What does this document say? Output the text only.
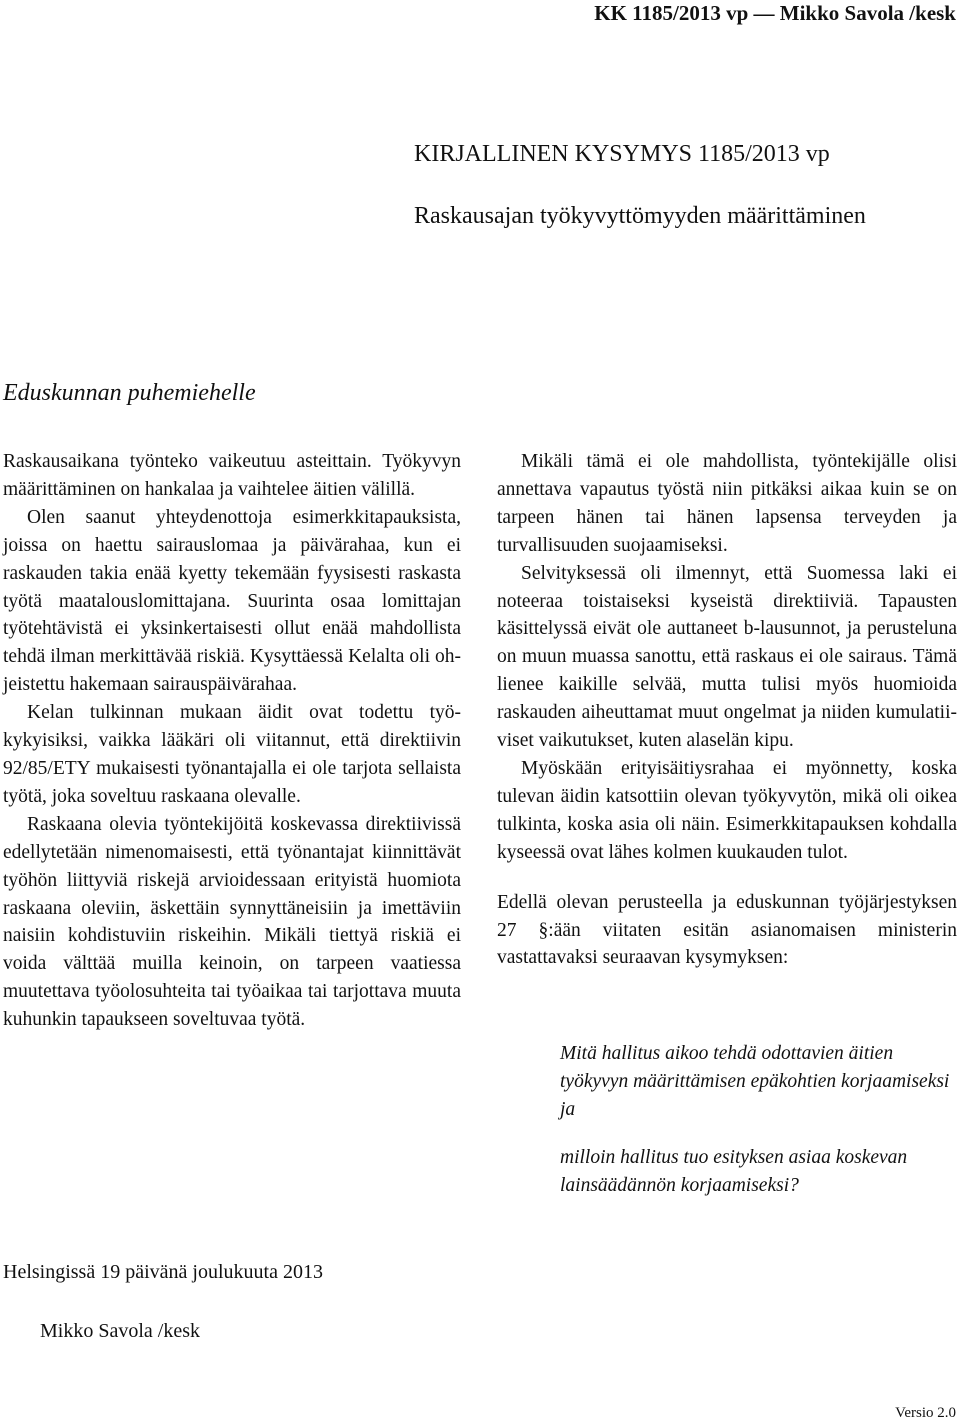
KK 1185/2013 vp — Mikko Savola /kesk
KIRJALLINEN KYSYMYS 1185/2013 vp
Raskausajan työkyvyttömyyden määrittäminen
Eduskunnan puhemiehelle

Raskausaikana työnteko vaikeutuu asteittain. Työkyvyn määrittäminen on hankalaa ja vaihtelee äitien välillä.

Olen saanut yhteydenottoja esimerkkitapauksista, joissa on haettu sairauslomaa ja päivärahaa, kun ei raskauden takia enää kyetty tekemään fyysisesti raskasta työtä maatalouslomittajana. Suurinta osaa lomittajan työtehtävistä ei yksinkertaisesti ollut enää mahdollista tehdä ilman merkittävää riskiä. Kysyttäessä Kelalta oli ohjeistettu hakemaan sairauspäivärahaa.

Kelan tulkinnan mukaan äidit ovat todettu työkykyisiksi, vaikka lääkäri oli viitannut, että direktiivin 92/85/ETY mukaisesti työnantajalla ei ole tarjota sellaista työtä, joka soveltuu raskaana olevalle.

Raskaana olevia työntekijöitä koskevassa direktiivissä edellytetään nimenomaisesti, että työnantajat kiinnittävät työhön liittyviä riskejä arvioidessaan erityistä huomiota raskaana oleviin, äskettäin synnyttäneisiin ja imettäviin naisiin kohdistuviin riskeihin. Mikäli tiettyä riskiä ei voida välttää muilla keinoin, on tarpeen vaatiessa muutettava työolosuhteita tai työaikaa tai tarjottava muuta kuhunkin tapaukseen soveltuvaa työtä.

Mikäli tämä ei ole mahdollista, työntekijälle olisi annettava vapautus työstä niin pitkäksi aikaa kuin se on tarpeen hänen tai hänen lapsensa terveyden ja turvallisuuden suojaamiseksi.

Selvityksessä oli ilmennyt, että Suomessa laki ei noteeraa toistaiseksi kyseistä direktiiviä. Tapausten käsittelyssä eivät ole auttaneet b-lausunnot, ja perusteluna on muun muassa sanottu, että raskaus ei ole sairaus. Tämä lienee kaikille selvää, mutta tulisi myös huomioida raskauden aiheuttamat muut ongelmat ja niiden kumulatiiviset vaikutukset, kuten alaselän kipu.

Myöskään erityisäitiysrahaa ei myönnetty, koska tulevan äidin katsottiin olevan työkyvytön, mikä oli oikea tulkinta, koska asia oli näin. Esimerkkitapauksen kohdalla kyseessä ovat lähes kolmen kuukauden tulot.

Edellä olevan perusteella ja eduskunnan työjärjestyksen 27 §:ään viitaten esitän asianomaisen ministerin vastattavaksi seuraavan kysymyksen:

Mitä hallitus aikoo tehdä odottavien äitien työkyvyn määrittämisen epäkohtien korjaamiseksi ja

milloin hallitus tuo esityksen asiaa koskevan lainsäädännön korjaamiseksi?

Helsingissä 19 päivänä joulukuuta 2013
Mikko Savola /kesk
Versio 2.0
